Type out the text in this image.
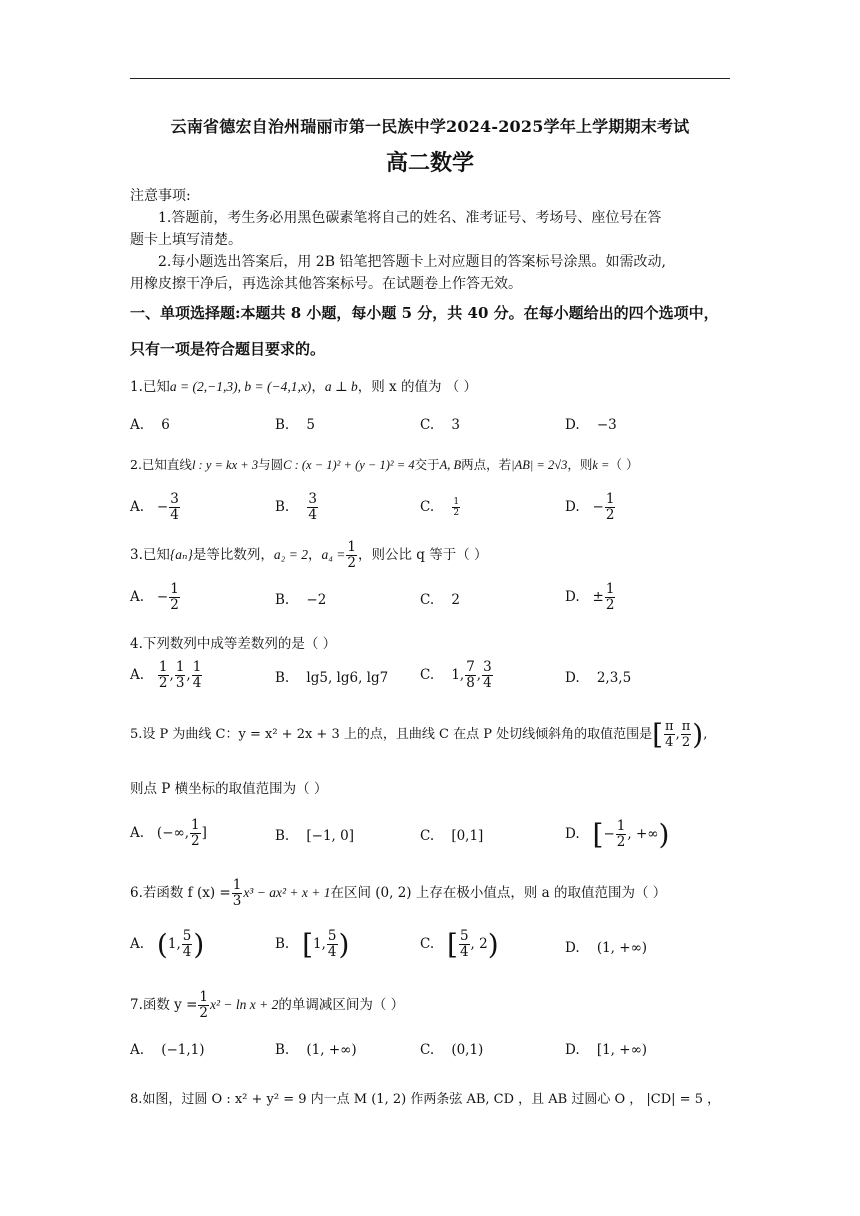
云南省德宏自治州瑞丽市第一民族中学2024-2025学年上学期期末考试
高二数学
注意事项:
1.答题前，考生务必用黑色碳素笔将自己的姓名、准考证号、考场号、座位号在答
题卡上填写清楚。
2.每小题选出答案后，用 2B 铅笔把答题卡上对应题目的答案标号涂黑。如需改动,
用橡皮擦干净后，再选涂其他答案标号。在试题卷上作答无效。
一、单项选择题:本题共 8 小题，每小题 5 分，共 40 分。在每小题给出的四个选项中，
只有一项是符合题目要求的。
1.已知a = (2,−1,3), b = (−4,1,x)，a ⊥ b，则 x 的值为 （ ）
A. 6	B. 5	C. 3	D. −3
2.已知直线l : y = kx + 3与圆C : (x − 1)² + (y − 1)² = 4交于A, B两点，若|AB| = 2√3，则k =（ ）
A. − $\frac{3}{4}$	B. $\frac{3}{4}$	C. $\frac{1}{2}$	D. − $\frac{1}{2}$
3.已知{aₙ}是等比数列，a₂ = 2，$a_4 = \frac{1}{2}$ ，则公比 q 等于（ ）
A. − $\frac{1}{2}$	B. −2	C. 2	D. ± $\frac{1}{2}$
4.下列数列中成等差数列的是（ ）
A. $\frac{1}{2}$ , $\frac{1}{3}$ , $\frac{1}{4}$	B. lg5, lg6, lg7 C. 1, $\frac{7}{8}$ , $\frac{3}{4}$	D. 2,3,5
5.设 P 为曲线 C：y = x² + 2x + 3 上的点，且曲线 C 在点 P 处切线倾斜角的取值范围是[ $\frac{\pi}{4}$ , $\frac{\pi}{2}$ ),
则点 P 横坐标的取值范围为（ ）
A. (−∞, $\frac{1}{2}$ ]	B. [−1, 0]	C. [0,1]	D. [− $\frac{1}{2}$ , +∞)
6.若函数 f $(x) = \frac{1}{3} x^3 - ax^2 + x + 1$在区间 (0, 2) 上存在极小值点，则 a 的取值范围为（ ）
A. (1, $\frac{5}{4}$ )	B. [1, $\frac{5}{4}$ )	C. [ $\frac{5}{4}$ , 2)	D. (1, +∞)
7.函数 $y = \frac{1}{2} x^2 - \ln x + 2$的单调减区间为（ ）
A. (−1,1)	B. (1, +∞)	C. (0,1)	D. [1, +∞)
8.如图，过圆 O : x² + y² = 9 内一点 M (1, 2) 作两条弦 AB, CD ，且 AB 过圆心 O ， |CD| = 5 ，
